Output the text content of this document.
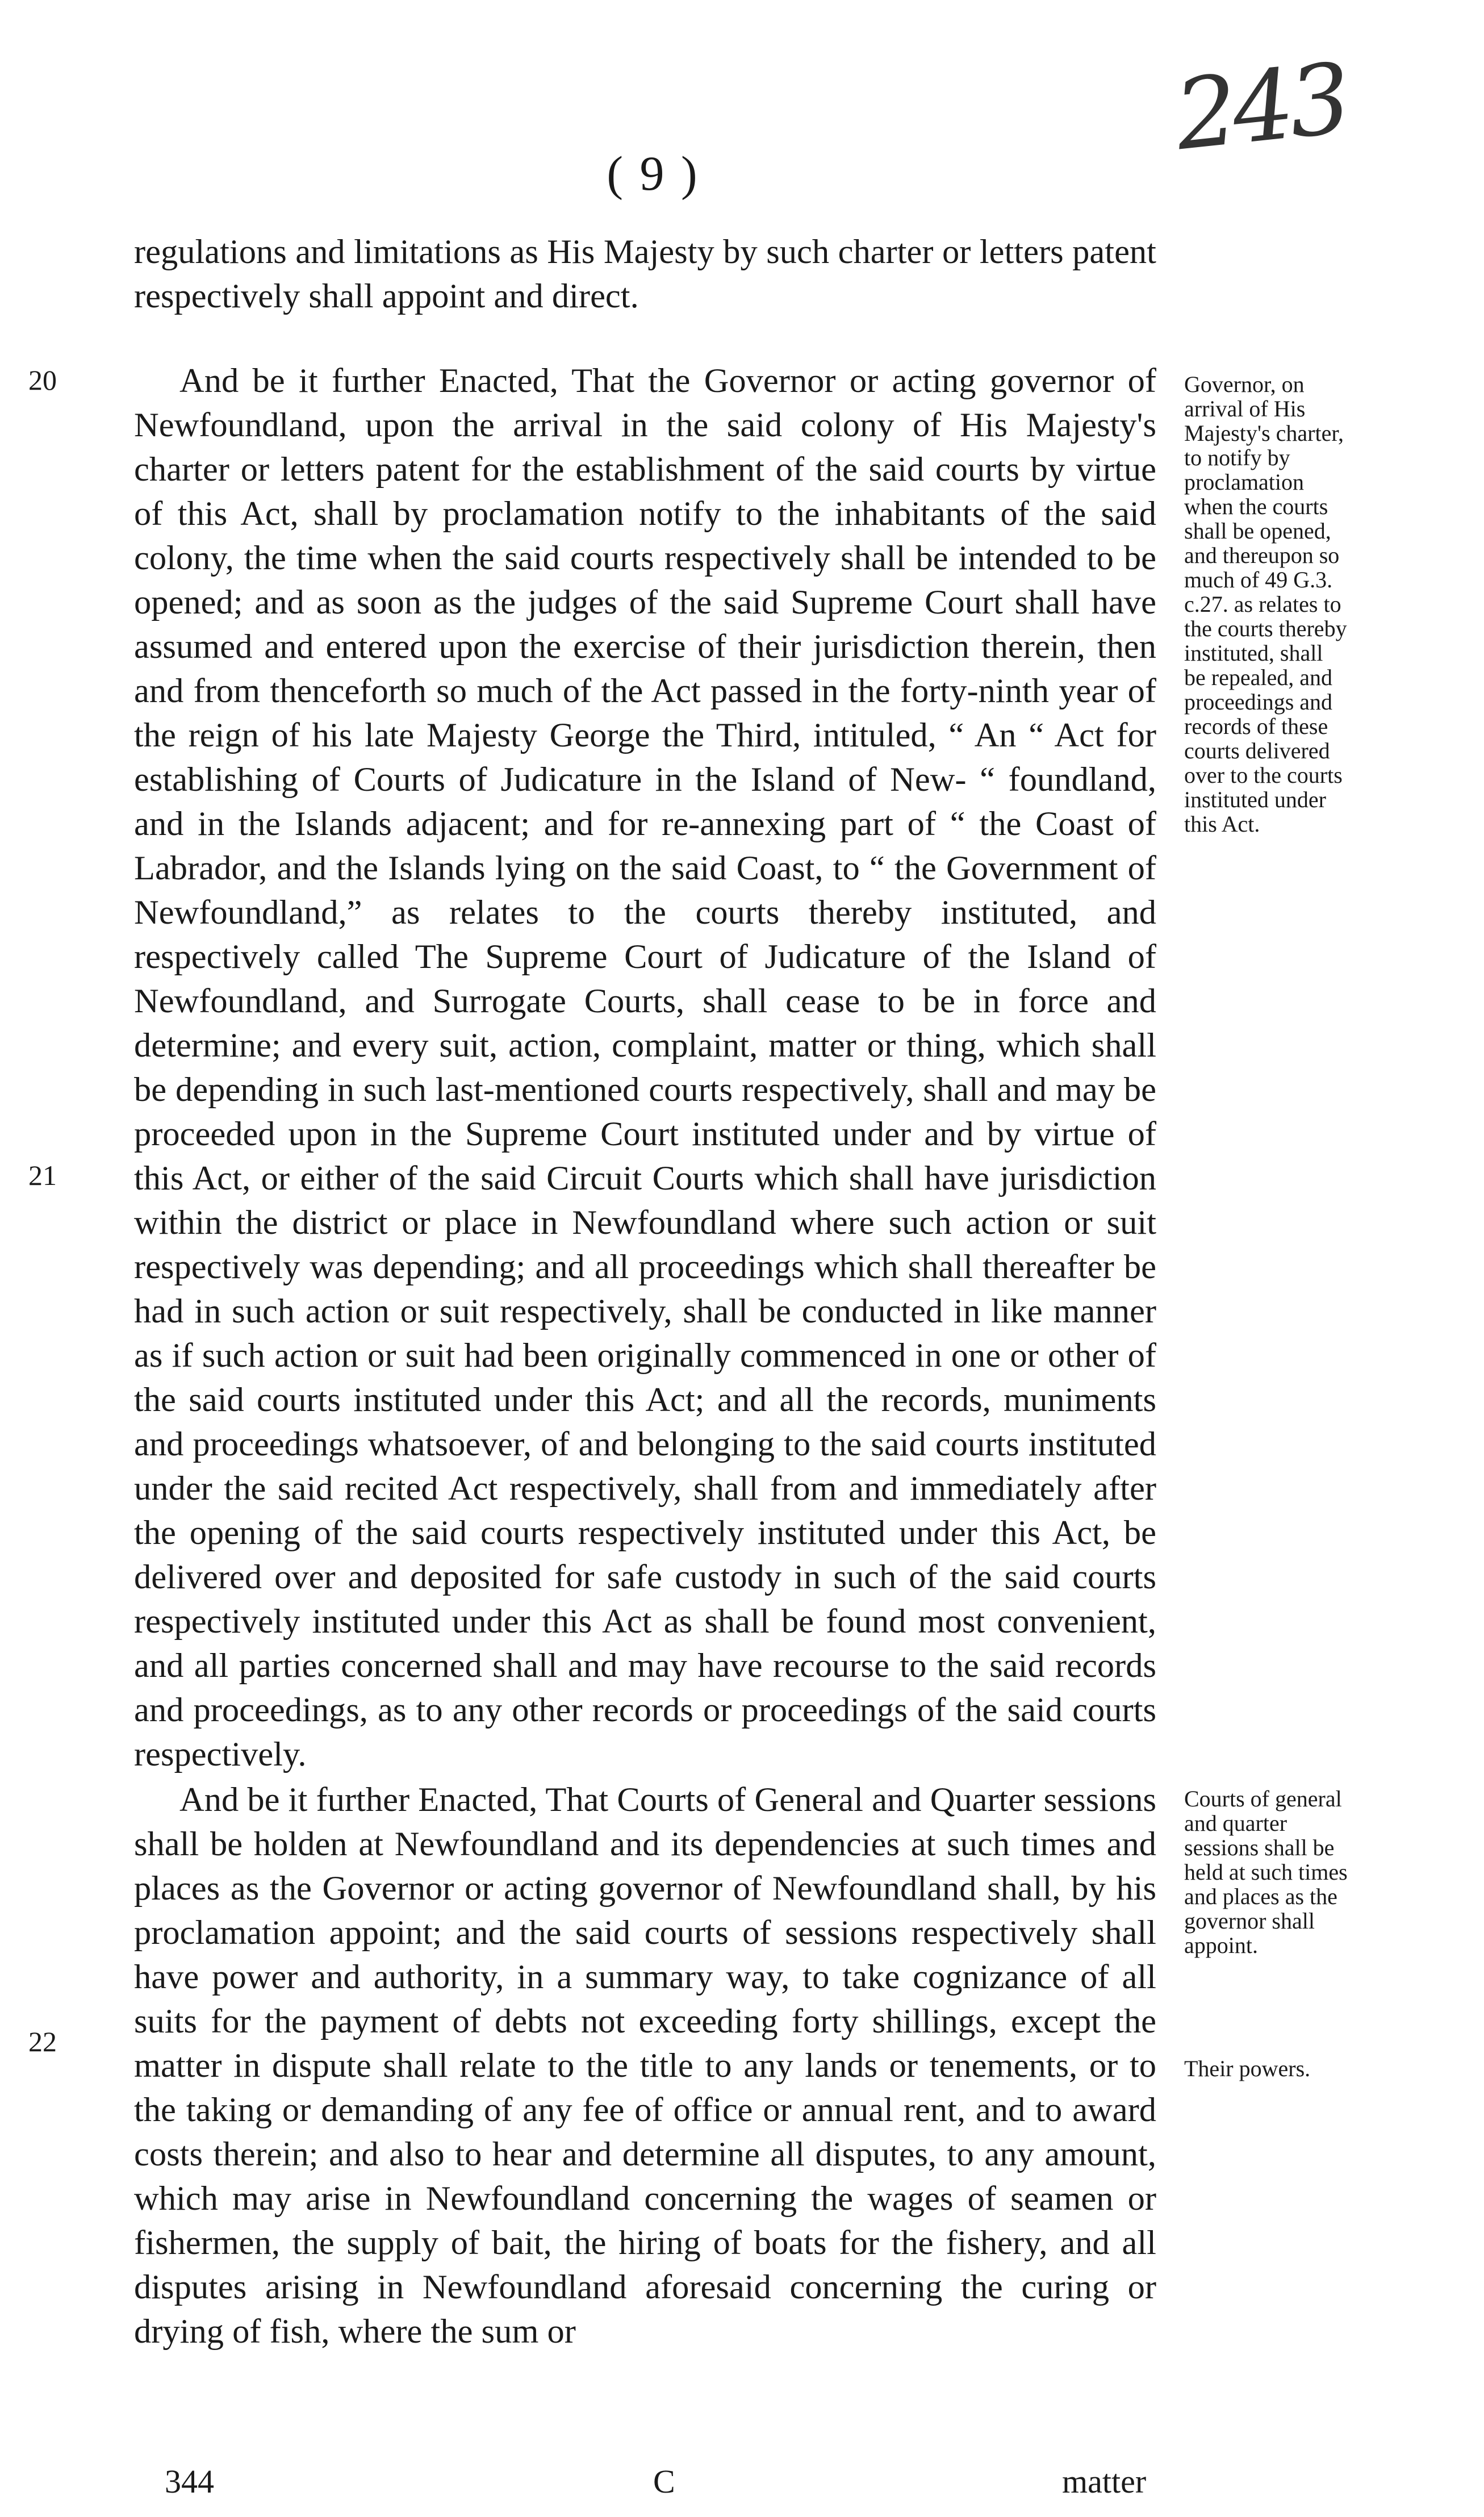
243
( 9 )

regulations and limitations as His Majesty by such charter or letters patent respectively shall appoint and direct.

20	And be it further Enacted, That the Governor or acting governor of Newfoundland, upon the arrival in the said colony of His Majesty's charter or letters patent for the establishment of the said courts by virtue of this Act, shall by proclamation notify to the inhabitants of the said colony, the time when the said courts respectively shall be intended to be opened; and as soon as the judges of the said Supreme Court shall have assumed and entered upon the exercise of their jurisdiction therein, then and from thenceforth so much of the Act passed in the forty-ninth year of the reign of his late Majesty George the Third, intituled, “ An “ Act for establishing of Courts of Judicature in the Island of New- “ foundland, and in the Islands adjacent; and for re-annexing part of “ the Coast of Labrador, and the Islands lying on the said Coast, to “ the Government of Newfoundland,” as relates to the courts thereby instituted, and respectively called The Supreme Court of Judicature of the Island of Newfoundland, and Surrogate Courts, shall cease to be in force and determine; and every suit, action, complaint, matter or thing, which shall be depending in such last-mentioned courts respectively, shall and may be proceeded upon in the Supreme Court instituted under and by virtue of this Act, or either of the said Circuit Courts which shall have jurisdiction within the district or place in Newfoundland where such action or suit respectively was depending; and all proceedings which shall thereafter be had in such action or suit respectively, shall be conducted in like manner as if such action or suit had been originally commenced in one or other of the said courts instituted under this Act; and all the records, muniments and proceedings whatsoever, of and belonging to the said courts instituted under the said recited Act respectively, shall from and immediately after the opening of the said courts respectively instituted under this Act, be delivered over and deposited for safe custody in such of the said courts respectively instituted under this Act as shall be found most convenient, and all parties concerned shall and may have recourse to the said records and proceedings, as to any other records or proceedings of the said courts respectively.

Governor, on arrival of His Majesty's charter, to notify by proclamation when the courts shall be opened, and thereupon so much of 49 G.3. c.27. as relates to the courts thereby instituted, shall be repealed, and proceedings and records of these courts delivered over to the courts instituted under this Act.
21
22

And be it further Enacted, That Courts of General and Quarter sessions shall be holden at Newfoundland and its dependencies at such times and places as the Governor or acting governor of Newfoundland shall, by his proclamation appoint; and the said courts of sessions respectively shall have power and authority, in a summary way, to take cognizance of all suits for the payment of debts not exceeding forty shillings, except the matter in dispute shall relate to the title to any lands or tenements, or to the taking or demanding of any fee of office or annual rent, and to award costs therein; and also to hear and determine all disputes, to any amount, which may arise in Newfoundland concerning the wages of seamen or fishermen, the supply of bait, the hiring of boats for the fishery, and all disputes arising in Newfoundland aforesaid concerning the curing or drying of fish, where the sum or

Courts of general and quarter sessions shall be held at such times and places as the governor shall appoint.
Their powers.
344	C	matter
